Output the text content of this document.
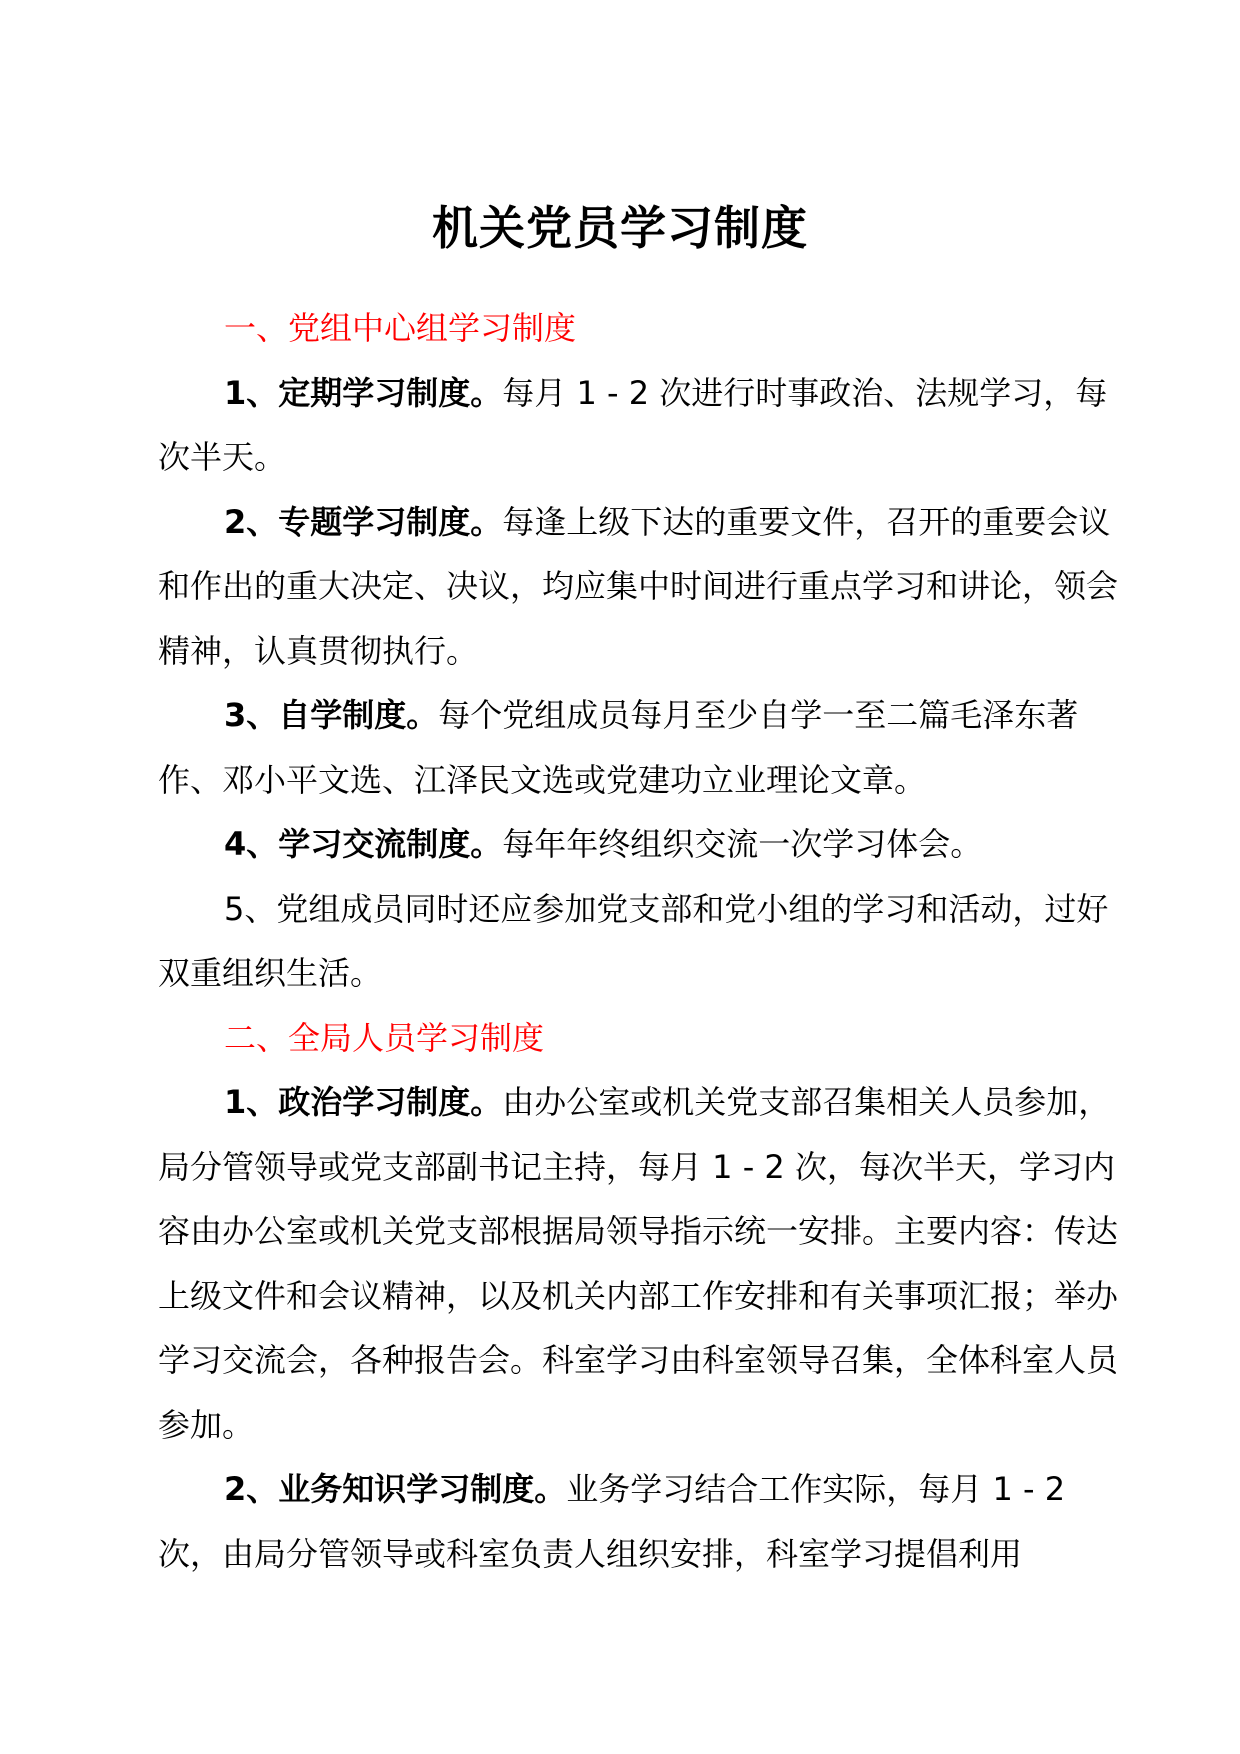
机关党员学习制度

一、党组中心组学习制度

1、定期学习制度。每月 1 - 2 次进行时事政治、法规学习，每次半天。

2、专题学习制度。每逢上级下达的重要文件，召开的重要会议和作出的重大决定、决议，均应集中时间进行重点学习和讲论，领会精神，认真贯彻执行。

3、自学制度。每个党组成员每月至少自学一至二篇毛泽东著作、邓小平文选、江泽民文选或党建功立业理论文章。

4、学习交流制度。每年年终组织交流一次学习体会。

5、党组成员同时还应参加党支部和党小组的学习和活动，过好双重组织生活。

二、全局人员学习制度

1、政治学习制度。由办公室或机关党支部召集相关人员参加，局分管领导或党支部副书记主持，每月 1 - 2 次，每次半天，学习内容由办公室或机关党支部根据局领导指示统一安排。主要内容：传达上级文件和会议精神，以及机关内部工作安排和有关事项汇报；举办学习交流会，各种报告会。科室学习由科室领导召集，全体科室人员参加。

2、业务知识学习制度。业务学习结合工作实际，每月 1 - 2 次，由局分管领导或科室负责人组织安排，科室学习提倡利用
